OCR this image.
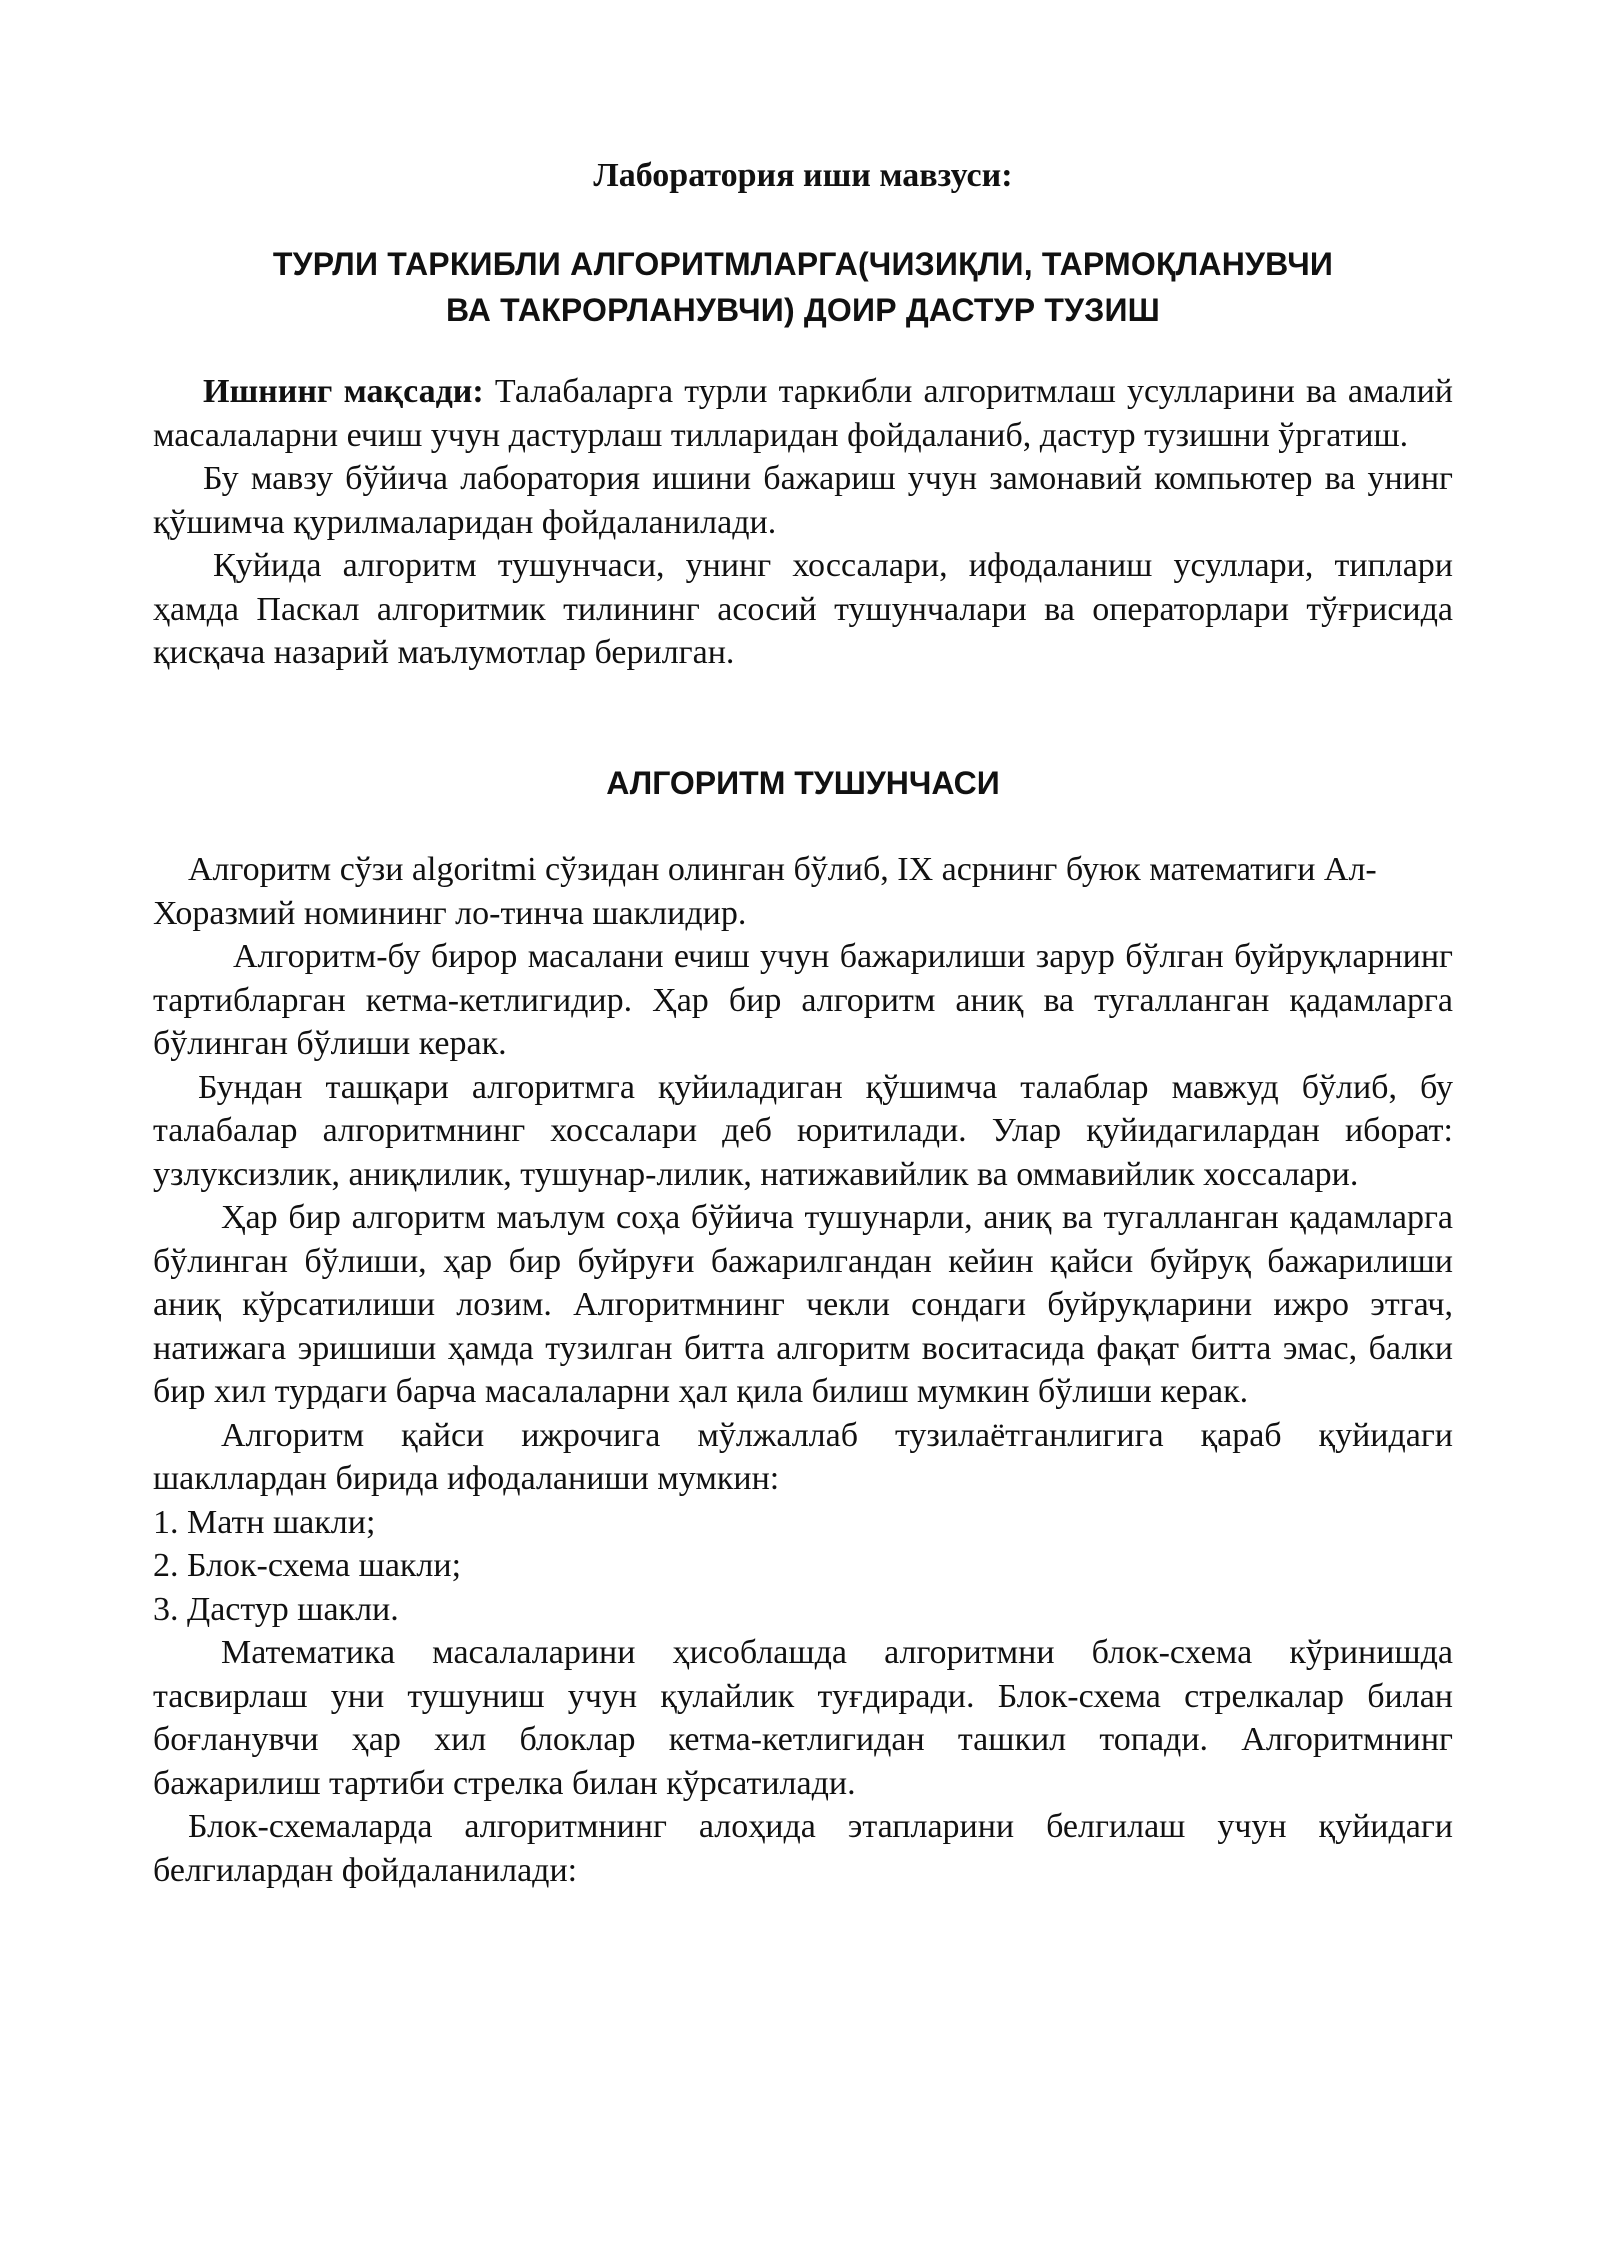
Лаборатория иши мавзуси:
ТУРЛИ ТАРКИБЛИ АЛГОРИТМЛАРГА(ЧИЗИҚЛИ, ТАРМОҚЛАНУВЧИ
ВА ТАКРОРЛАНУВЧИ) ДОИР ДАСТУР ТУЗИШ

Ишнинг мақсади: Талабаларга турли таркибли алгоритмлаш усулларини ва амалий масалаларни ечиш учун дастурлаш тилларидан фойдаланиб, дастур тузишни ўргатиш.

Бу мавзу бўйича лаборатория ишини бажариш учун замонавий компьютер ва унинг қўшимча қурилмаларидан фойдаланилади.

Қуйида алгоритм тушунчаси, унинг хоссалари, ифодаланиш усуллари, типлари ҳамда Паскал алгоритмик тилининг асосий тушунчалари ва операторлари тўғрисида қисқача назарий маълумотлар берилган.

АЛГОРИТМ ТУШУНЧАСИ

Алгоритм сўзи algoritmi сўзидан олинган бўлиб, IX асрнинг буюк математиги Ал-Хоразмий номининг ло-тинча шаклидир.

Алгоритм-бу бирор масалани ечиш учун бажарилиши зарур бўлган буйруқларнинг тартибларган кетма-кетлигидир. Ҳар бир алгоритм аниқ ва тугалланган қадамларга бўлинган бўлиши керак.

Бундан ташқари алгоритмга қуйиладиган қўшимча талаблар мавжуд бўлиб, бу талабалар алгоритмнинг хоссалари деб юритилади. Улар қуйидагилардан иборат: узлуксизлик, аниқлилик, тушунар-лилик, натижавийлик ва оммавийлик хоссалари.

Ҳар бир алгоритм маълум соҳа бўйича тушунарли, аниқ ва тугалланган қадамларга бўлинган бўлиши, ҳар бир буйруғи бажарилгандан кейин қайси буйруқ бажарилиши аниқ кўрсатилиши лозим. Алгоритмнинг чекли сондаги буйруқларини ижро этгач, натижага эришиши ҳамда тузилган битта алгоритм воситасида фақат битта эмас, балки бир хил турдаги барча масалаларни ҳал қила билиш мумкин бўлиши керак.

Алгоритм қайси ижрочига мўлжаллаб тузилаётганлигига қараб қуйидаги шакллардан бирида ифодаланиши мумкин:

1. Матн шакли;

2. Блок-схема шакли;

3. Дастур шакли.

Математика масалаларини ҳисоблашда алгоритмни блок-схема кўринишда тасвирлаш уни тушуниш учун қулайлик туғдиради. Блок-схема стрелкалар билан боғланувчи ҳар хил блоклар кетма-кетлигидан ташкил топади. Алгоритмнинг бажарилиш тартиби стрелка билан кўрсатилади.

Блок-схемаларда алгоритмнинг алоҳида этапларини белгилаш учун қуйидаги белгилардан фойдаланилади:
